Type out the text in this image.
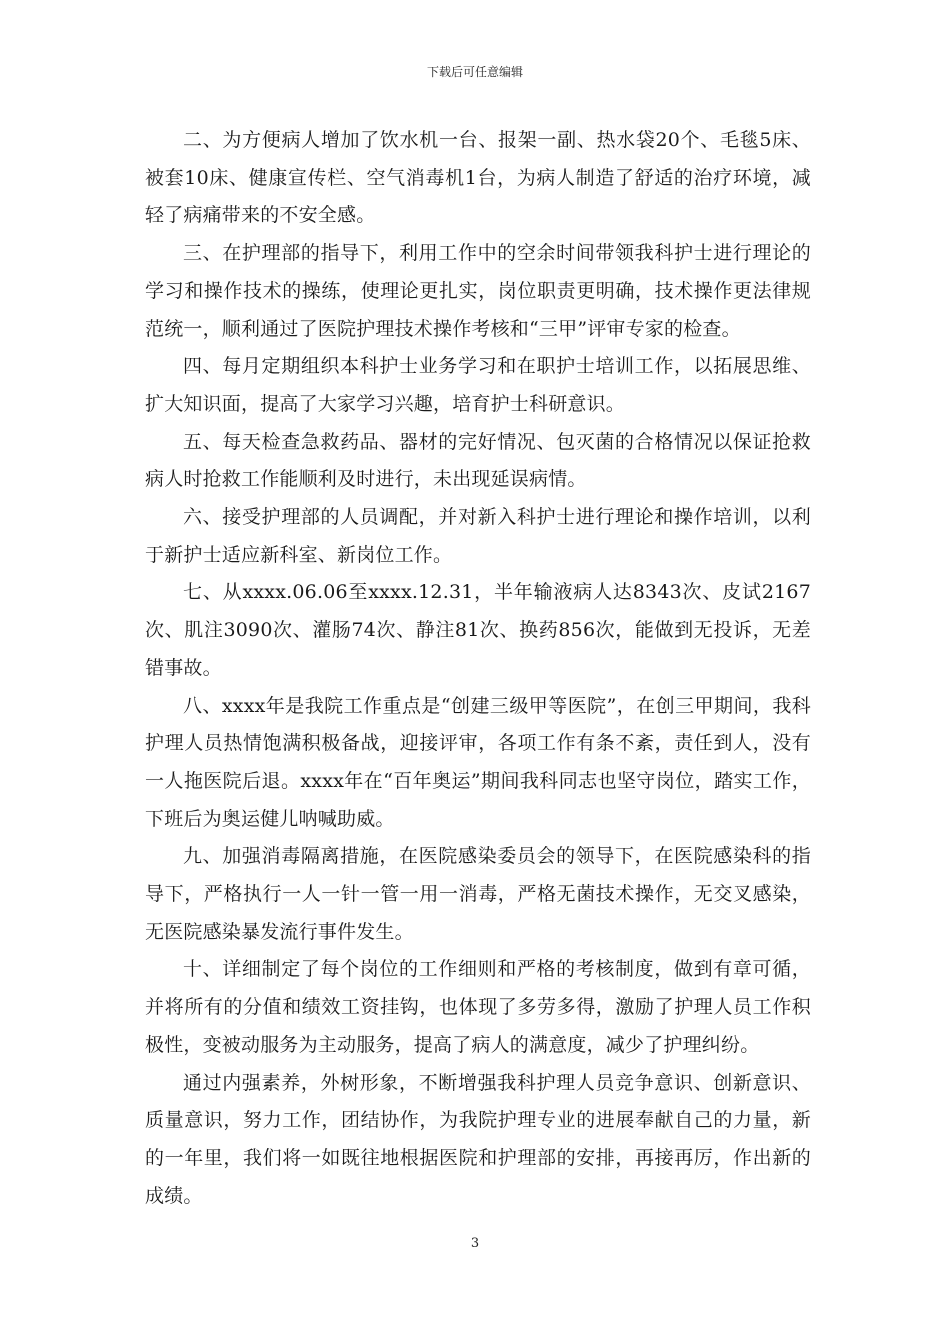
下载后可任意编辑

二、为方便病人增加了饮水机一台、报架一副、热水袋20个、毛毯5床、被套10床、健康宣传栏、空气消毒机1台，为病人制造了舒适的治疗环境，减轻了病痛带来的不安全感。

三、在护理部的指导下，利用工作中的空余时间带领我科护士进行理论的学习和操作技术的操练，使理论更扎实，岗位职责更明确，技术操作更法律规范统一，顺利通过了医院护理技术操作考核和“三甲”评审专家的检查。

四、每月定期组织本科护士业务学习和在职护士培训工作，以拓展思维、扩大知识面，提高了大家学习兴趣，培育护士科研意识。

五、每天检查急救药品、器材的完好情况、包灭菌的合格情况以保证抢救病人时抢救工作能顺利及时进行，未出现延误病情。

六、接受护理部的人员调配，并对新入科护士进行理论和操作培训，以利于新护士适应新科室、新岗位工作。

七、从xxxx.06.06至xxxx.12.31，半年输液病人达8343次、皮试2167次、肌注3090次、灌肠74次、静注81次、换药856次，能做到无投诉，无差错事故。

八、xxxx年是我院工作重点是“创建三级甲等医院”，在创三甲期间，我科护理人员热情饱满积极备战，迎接评审，各项工作有条不紊，责任到人，没有一人拖医院后退。xxxx年在“百年奥运”期间我科同志也坚守岗位，踏实工作，下班后为奥运健儿呐喊助威。

九、加强消毒隔离措施，在医院感染委员会的领导下，在医院感染科的指导下，严格执行一人一针一管一用一消毒，严格无菌技术操作，无交叉感染，无医院感染暴发流行事件发生。

十、详细制定了每个岗位的工作细则和严格的考核制度，做到有章可循，并将所有的分值和绩效工资挂钩，也体现了多劳多得，激励了护理人员工作积极性，变被动服务为主动服务，提高了病人的满意度，减少了护理纠纷。

通过内强素养，外树形象，不断增强我科护理人员竞争意识、创新意识、质量意识，努力工作，团结协作，为我院护理专业的进展奉献自己的力量，新的一年里，我们将一如既往地根据医院和护理部的安排，再接再厉，作出新的成绩。

3
